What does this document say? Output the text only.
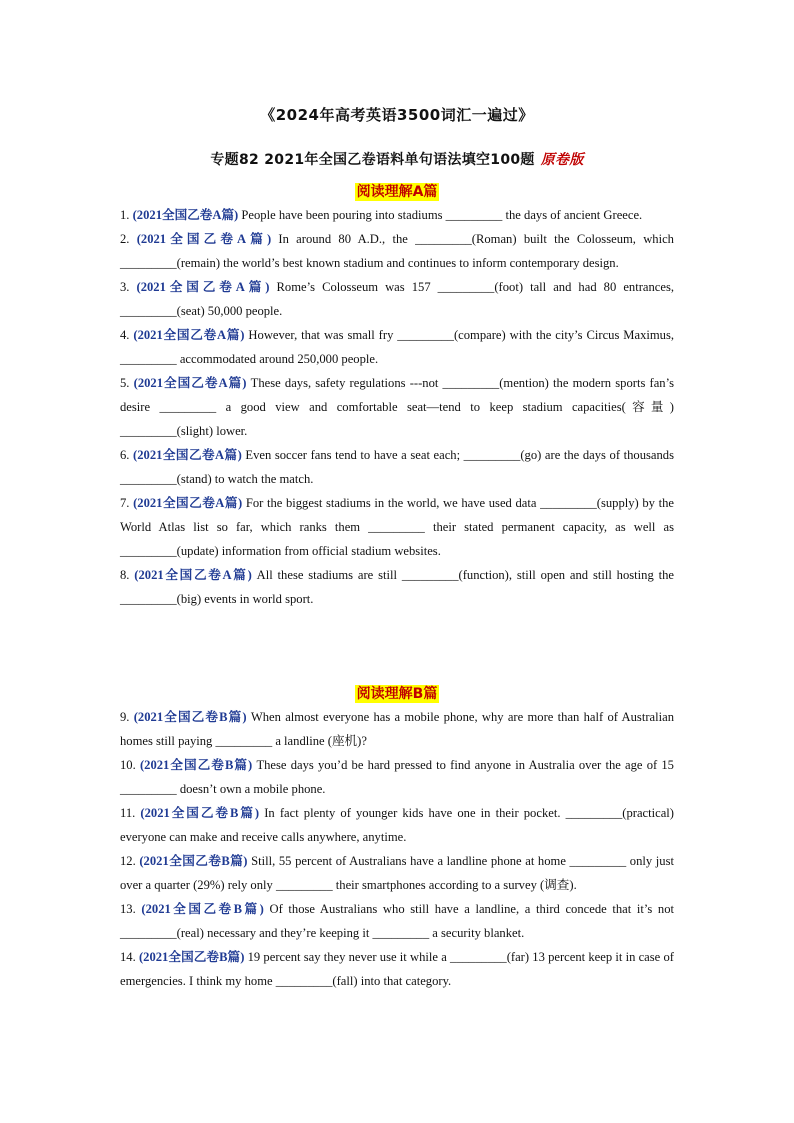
《2024年高考英语3500词汇一遍过》
专题82 2021年全国乙卷语料单句语法填空100题 原卷版
阅读理解A篇

1. (2021全国乙卷A篇) People have been pouring into stadiums _________ the days of ancient Greece.

2. (2021全国乙卷A篇) In around 80 A.D., the _________(Roman) built the Colosseum, which _________(remain) the world’s best known stadium and continues to inform contemporary design.

3. (2021全国乙卷A篇) Rome’s Colosseum was 157 _________(foot) tall and had 80 entrances, _________(seat) 50,000 people.

4. (2021全国乙卷A篇) However, that was small fry _________(compare) with the city’s Circus Maximus, _________ accommodated around 250,000 people.

5. (2021全国乙卷A篇) These days, safety regulations ---not _________(mention) the modern sports fan’s desire _________ a good view and comfortable seat—tend to keep stadium capacities(容量) _________(slight) lower.

6. (2021全国乙卷A篇) Even soccer fans tend to have a seat each; _________(go) are the days of thousands _________(stand) to watch the match.

7. (2021全国乙卷A篇) For the biggest stadiums in the world, we have used data _________(supply) by the World Atlas list so far, which ranks them _________ their stated permanent capacity, as well as _________(update) information from official stadium websites.

8. (2021全国乙卷A篇) All these stadiums are still _________(function), still open and still hosting the _________(big) events in world sport.

阅读理解B篇

9. (2021全国乙卷B篇) When almost everyone has a mobile phone, why are more than half of Australian homes still paying _________ a landline (座机)?

10. (2021全国乙卷B篇) These days you’d be hard pressed to find anyone in Australia over the age of 15 _________ doesn’t own a mobile phone.

11. (2021全国乙卷B篇) In fact plenty of younger kids have one in their pocket. _________(practical) everyone can make and receive calls anywhere, anytime.

12. (2021全国乙卷B篇) Still, 55 percent of Australians have a landline phone at home _________ only just over a quarter (29%) rely only _________ their smartphones according to a survey (调查).

13. (2021全国乙卷B篇) Of those Australians who still have a landline, a third concede that it’s not _________(real) necessary and they’re keeping it _________ a security blanket.

14. (2021全国乙卷B篇) 19 percent say they never use it while a _________(far) 13 percent keep it in case of emergencies. I think my home _________(fall) into that category.
